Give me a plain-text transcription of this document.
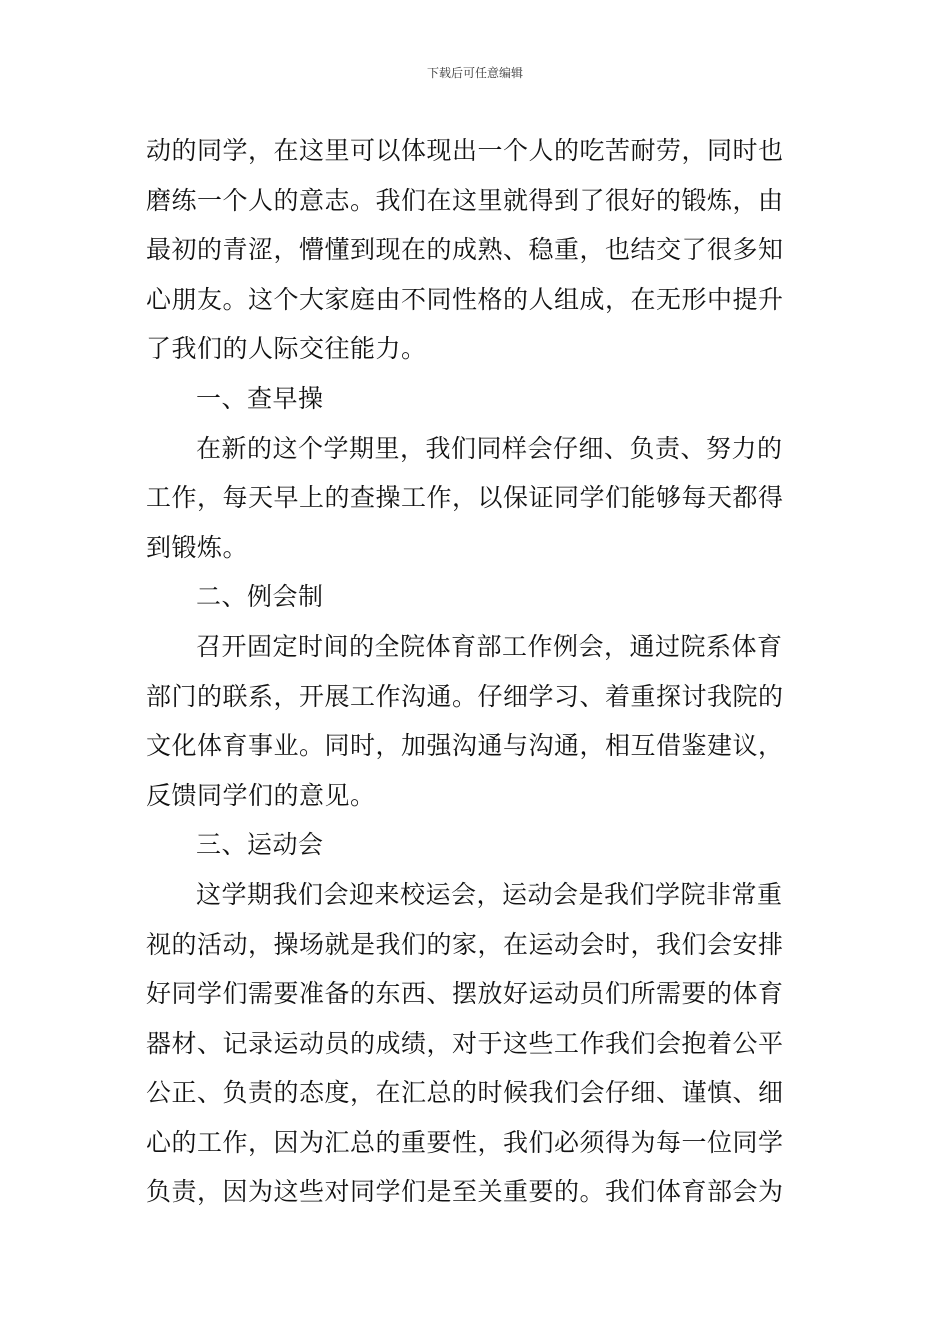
下载后可任意编辑
动的同学，在这里可以体现出一个人的吃苦耐劳，同时也
磨练一个人的意志。我们在这里就得到了很好的锻炼，由
最初的青涩，懵懂到现在的成熟、稳重，也结交了很多知
心朋友。这个大家庭由不同性格的人组成，在无形中提升
了我们的人际交往能力。
一、查早操
在新的这个学期里，我们同样会仔细、负责、努力的
工作，每天早上的查操工作，以保证同学们能够每天都得
到锻炼。
二、例会制
召开固定时间的全院体育部工作例会，通过院系体育
部门的联系，开展工作沟通。仔细学习、着重探讨我院的
文化体育事业。同时，加强沟通与沟通，相互借鉴建议，
反馈同学们的意见。
三、运动会
这学期我们会迎来校运会，运动会是我们学院非常重
视的活动，操场就是我们的家，在运动会时，我们会安排
好同学们需要准备的东西、摆放好运动员们所需要的体育
器材、记录运动员的成绩，对于这些工作我们会抱着公平
公正、负责的态度，在汇总的时候我们会仔细、谨慎、细
心的工作，因为汇总的重要性，我们必须得为每一位同学
负责，因为这些对同学们是至关重要的。我们体育部会为
